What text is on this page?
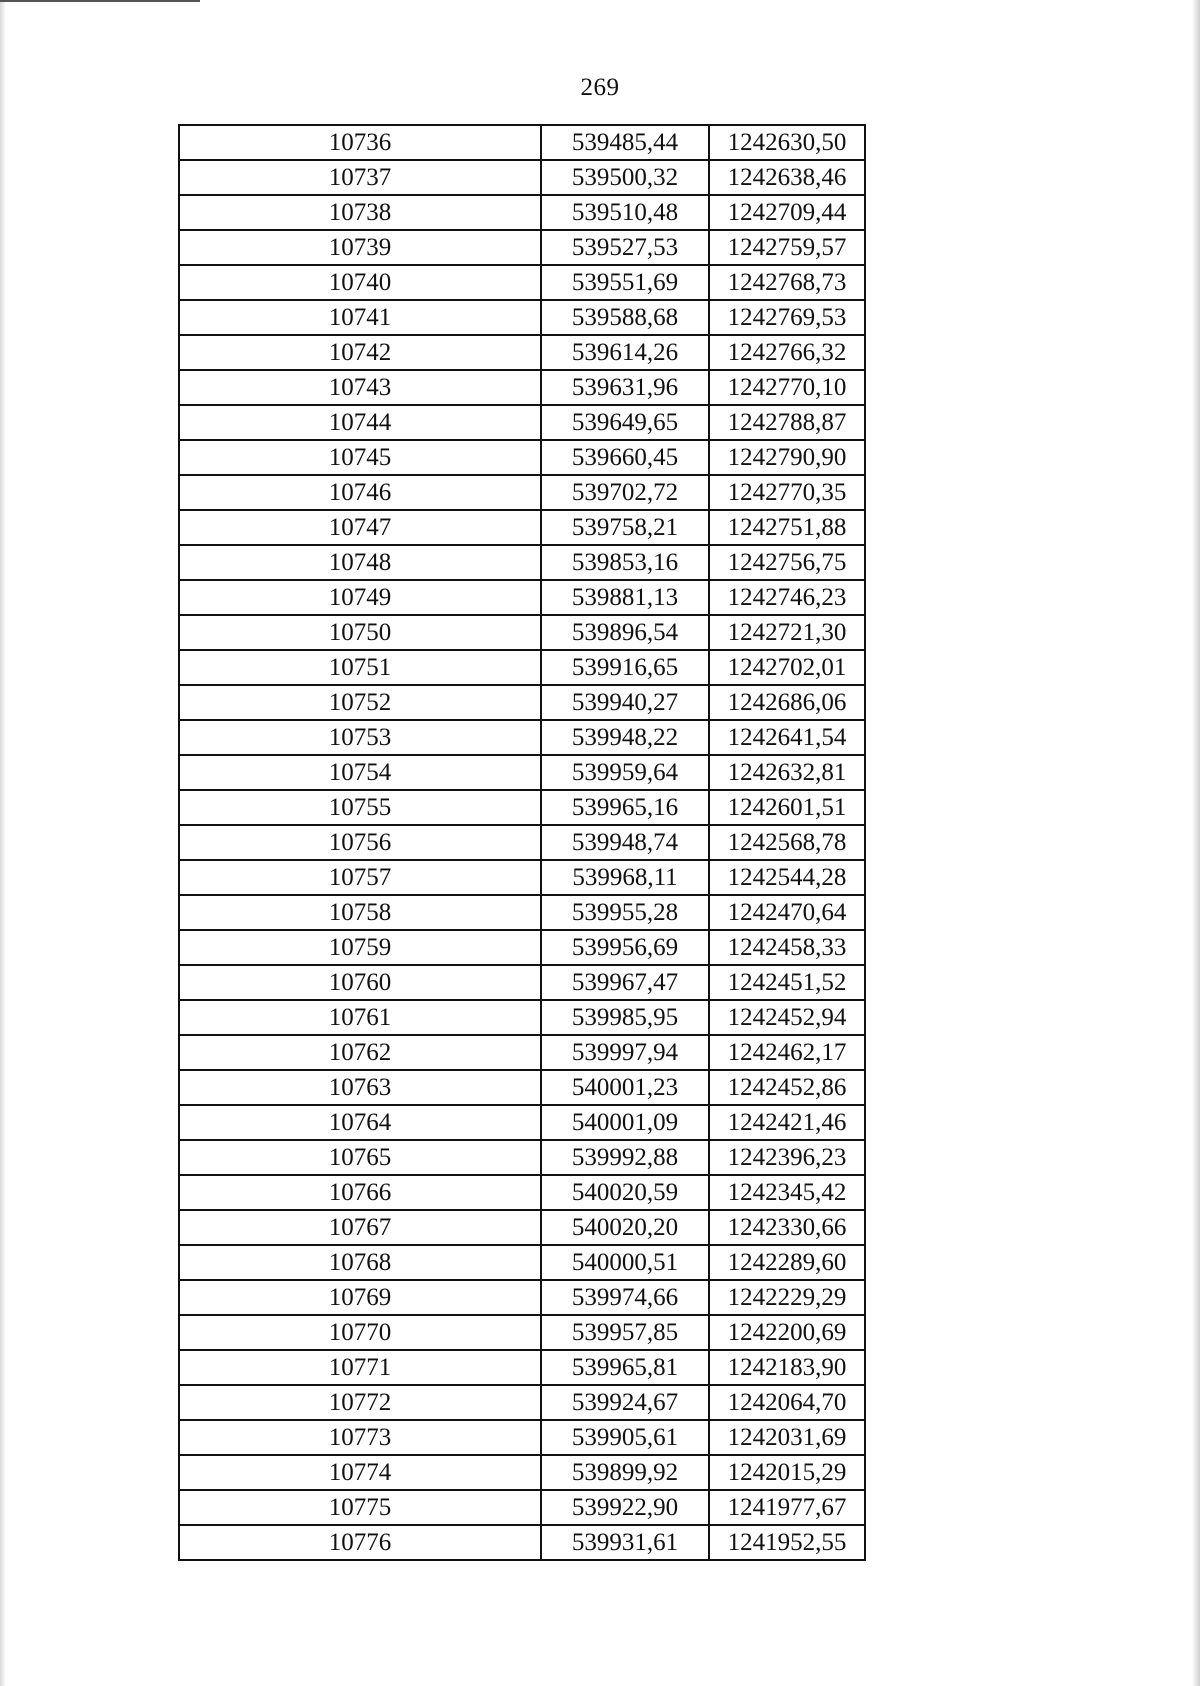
269
10736	539485,44	1242630,50
10737	539500,32	1242638,46
10738	539510,48	1242709,44
10739	539527,53	1242759,57
10740	539551,69	1242768,73
10741	539588,68	1242769,53
10742	539614,26	1242766,32
10743	539631,96	1242770,10
10744	539649,65	1242788,87
10745	539660,45	1242790,90
10746	539702,72	1242770,35
10747	539758,21	1242751,88
10748	539853,16	1242756,75
10749	539881,13	1242746,23
10750	539896,54	1242721,30
10751	539916,65	1242702,01
10752	539940,27	1242686,06
10753	539948,22	1242641,54
10754	539959,64	1242632,81
10755	539965,16	1242601,51
10756	539948,74	1242568,78
10757	539968,11	1242544,28
10758	539955,28	1242470,64
10759	539956,69	1242458,33
10760	539967,47	1242451,52
10761	539985,95	1242452,94
10762	539997,94	1242462,17
10763	540001,23	1242452,86
10764	540001,09	1242421,46
10765	539992,88	1242396,23
10766	540020,59	1242345,42
10767	540020,20	1242330,66
10768	540000,51	1242289,60
10769	539974,66	1242229,29
10770	539957,85	1242200,69
10771	539965,81	1242183,90
10772	539924,67	1242064,70
10773	539905,61	1242031,69
10774	539899,92	1242015,29
10775	539922,90	1241977,67
10776	539931,61	1241952,55
